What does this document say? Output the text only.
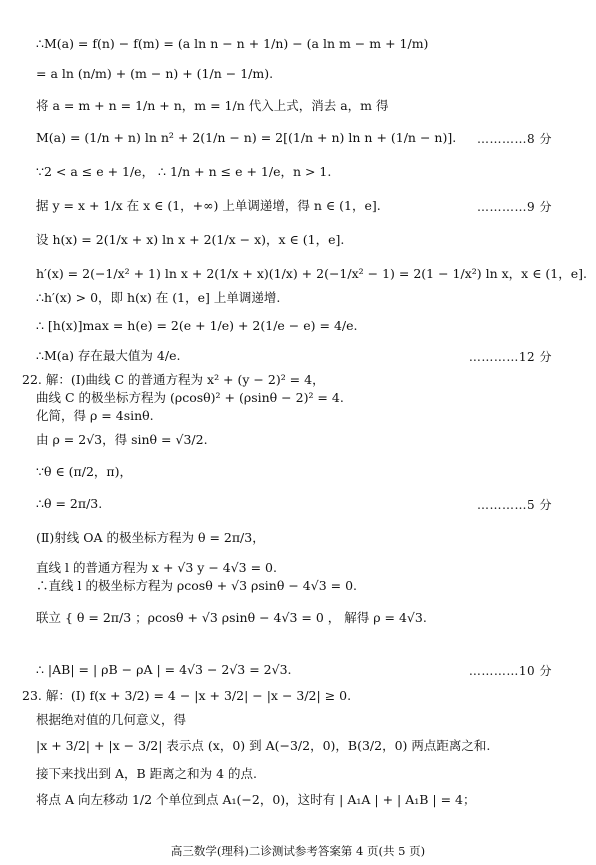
∴M(a) = f(n) − f(m) = (a ln n − n + 1/n) − (a ln m − m + 1/m)
= a ln (n/m) + (m − n) + (1/n − 1/m).
将 a = m + n = 1/n + n，m = 1/n 代入上式，消去 a，m 得
M(a) = (1/n + n) ln n² + 2(1/n − n) = 2[(1/n + n) ln n + (1/n − n)].
∵2 < a ≤ e + 1/e， ∴ 1/n + n ≤ e + 1/e，n > 1.
据 y = x + 1/x 在 x ∈ (1，+∞) 上单调递增，得 n ∈ (1，e].
设 h(x) = 2(1/x + x) ln x + 2(1/x − x)，x ∈ (1，e].
h′(x) = 2(−1/x² + 1) ln x + 2(1/x + x)(1/x) + 2(−1/x² − 1) = 2(1 − 1/x²) ln x，x ∈ (1，e].
∴h′(x) > 0，即 h(x) 在 (1，e] 上单调递增.
∴ [h(x)]max = h(e) = 2(e + 1/e) + 2(1/e − e) = 4/e.
∴M(a) 存在最大值为 4/e.
22. 解：(Ⅰ)曲线 C 的普通方程为 x² + (y − 2)² = 4，
曲线 C 的极坐标方程为 (ρcosθ)² + (ρsinθ − 2)² = 4.
化简，得 ρ = 4sinθ.
由 ρ = 2√3，得 sinθ = √3/2.
∵θ ∈ (π/2，π)，
∴θ = 2π/3.
(Ⅱ)射线 OA 的极坐标方程为 θ = 2π/3，
直线 l 的普通方程为 x + √3 y − 4√3 = 0.
∴直线 l 的极坐标方程为 ρcosθ + √3 ρsinθ − 4√3 = 0.
联立 { θ = 2π/3 ；ρcosθ + √3 ρsinθ − 4√3 = 0 ， 解得 ρ = 4√3.
∴ |AB| = | ρB − ρA | = 4√3 − 2√3 = 2√3.
23. 解：(Ⅰ) f(x + 3/2) = 4 − |x + 3/2| − |x − 3/2| ≥ 0.
根据绝对值的几何意义，得
|x + 3/2| + |x − 3/2| 表示点 (x，0) 到 A(−3/2，0)，B(3/2，0) 两点距离之和.
接下来找出到 A，B 距离之和为 4 的点.
将点 A 向左移动 1/2 个单位到点 A₁(−2，0)，这时有 | A₁A | + | A₁B | = 4；
…………8 分
…………9 分
…………12 分
…………5 分
…………10 分
高三数学(理科)二诊测试参考答案第 4 页(共 5 页)
